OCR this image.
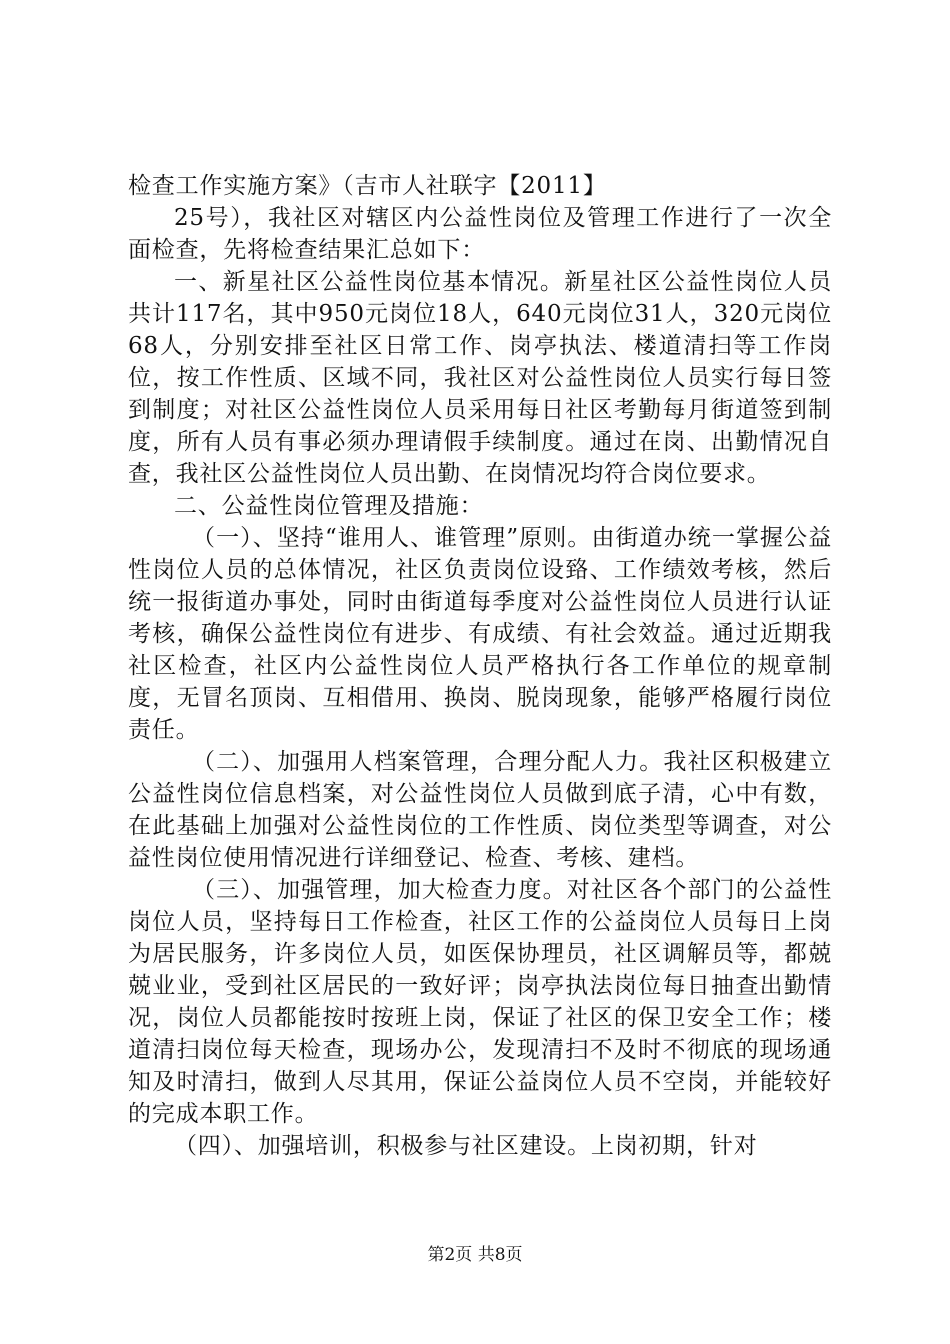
检查工作实施方案》（吉市人社联字【2011】

25号），我社区对辖区内公益性岗位及管理工作进行了一次全面检查，先将检查结果汇总如下：

一、新星社区公益性岗位基本情况。新星社区公益性岗位人员共计117名，其中950元岗位18人，640元岗位31人，320元岗位68人，分别安排至社区日常工作、岗亭执法、楼道清扫等工作岗位，按工作性质、区域不同，我社区对公益性岗位人员实行每日签到制度；对社区公益性岗位人员采用每日社区考勤每月街道签到制度，所有人员有事必须办理请假手续制度。通过在岗、出勤情况自查，我社区公益性岗位人员出勤、在岗情况均符合岗位要求。

二、公益性岗位管理及措施：

（一）、坚持“谁用人、谁管理”原则。由街道办统一掌握公益性岗位人员的总体情况，社区负责岗位设臵、工作绩效考核，然后统一报街道办事处，同时由街道每季度对公益性岗位人员进行认证考核，确保公益性岗位有进步、有成绩、有社会效益。通过近期我社区检查，社区内公益性岗位人员严格执行各工作单位的规章制度，无冒名顶岗、互相借用、换岗、脱岗现象，能够严格履行岗位责任。

（二）、加强用人档案管理，合理分配人力。我社区积极建立公益性岗位信息档案，对公益性岗位人员做到底子清，心中有数，在此基础上加强对公益性岗位的工作性质、岗位类型等调查，对公益性岗位使用情况进行详细登记、检查、考核、建档。

（三）、加强管理，加大检查力度。对社区各个部门的公益性岗位人员，坚持每日工作检查，社区工作的公益岗位人员每日上岗为居民服务，许多岗位人员，如医保协理员，社区调解员等，都兢兢业业，受到社区居民的一致好评；岗亭执法岗位每日抽查出勤情况，岗位人员都能按时按班上岗，保证了社区的保卫安全工作；楼道清扫岗位每天检查，现场办公，发现清扫不及时不彻底的现场通知及时清扫，做到人尽其用，保证公益岗位人员不空岗，并能较好的完成本职工作。

（四）、加强培训，积极参与社区建设。上岗初期，针对

第2页 共8页
